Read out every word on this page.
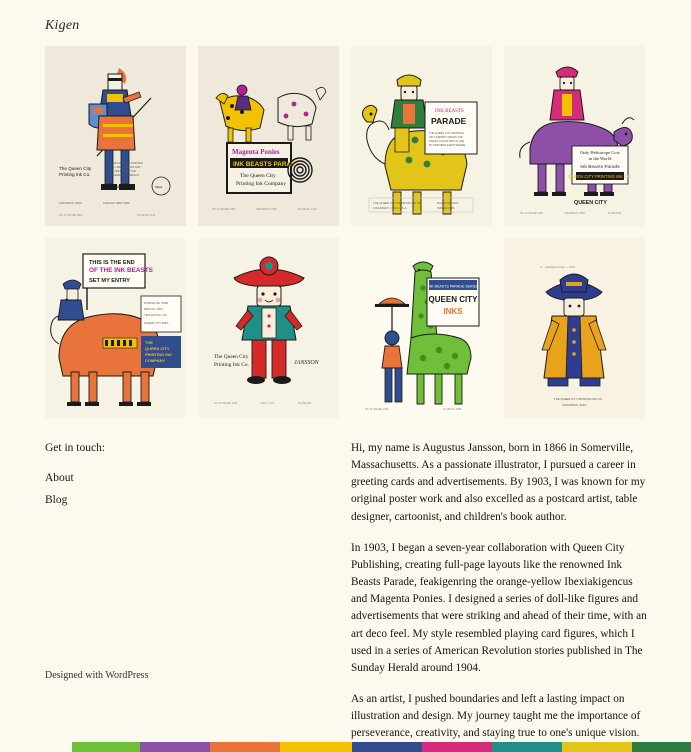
Kigen
The Queen City
Printing Ink Co.
SOME DAY YOUR PRINTER
WILL USE OUR INKS AND
YOU WILL KNOW THE
DIFFERENCE IN RESULT
Jansson	SEAL
CINCINNATI, OHIO	CHICAGO NEW YORK
NO. 27 ISSUED 1905	PLATE NO. 4121
Magenta Ponies
INK BEASTS PARADE
The Queen City
Printing Ink Company
NO. 31 ISSUED 1906	CINCINNATI, OHIO	PLATE NO. 4219
INK BEASTS
PARADE
THE QUEEN CITY PRINTING
INK COMPANY MAKES THE
FINEST COLOR INKS IN USE
BY PRINTERS EVERYWHERE
THE QUEEN CITY PRINTING INK CO.
CINCINNATI, OHIO, U.S.A.
PLATE NO. 4407
ISSUED 1906
Only Heliotrope Cow
in the World
Ink Beasts Parade
QUEEN CITY PRINTING INK CO.
QUEEN CITY
NO. 44 ISSUED 1907	CINCINNATI, OHIO	PLATE 4512
THIS IS THE END
OF THE INK BEASTS
SET MY ENTRY
PURPLE NO. 5338
RED NO. 2004
YELLOW NO. 115
QUEEN CITY INKS
THE
QUEEN CITY
PRINTING INK
COMPANY
The Queen City
Printing Ink Co.	JANSSON
NO. 38 ISSUED 1905	OHIO, U.S.A.	PLATE 4331
INK BEASTS PARADE SERIES
QUEEN CITY
INKS
NO. 51 ISSUED 1908	PLATE NO. 4688
A — Exhibition Poster — 1906
THE QUEEN CITY PRINTING INK CO.
CINCINNATI, OHIO
Get in touch:
About
Blog
Designed with WordPress

Hi, my name is Augustus Jansson, born in 1866 in Somerville, Massachusetts. As a passionate illustrator, I pursued a career in greeting cards and advertisements. By 1903, I was known for my original poster work and also excelled as a postcard artist, table designer, cartoonist, and children's book author.

In 1903, I began a seven-year collaboration with Queen City Publishing, creating full-page layouts like the renowned Ink Beasts Parade, feakigenring the orange-yellow Ibexiakigencus and Magenta Ponies. I designed a series of doll-like figures and advertisements that were striking and ahead of their time, with an art deco feel. My style resembled playing card figures, which I used in a series of American Revolution stories published in The Sunday Herald around 1904.

As an artist, I pushed boundaries and left a lasting impact on illustration and design. My journey taught me the importance of perseverance, creativity, and staying true to one's unique vision.
